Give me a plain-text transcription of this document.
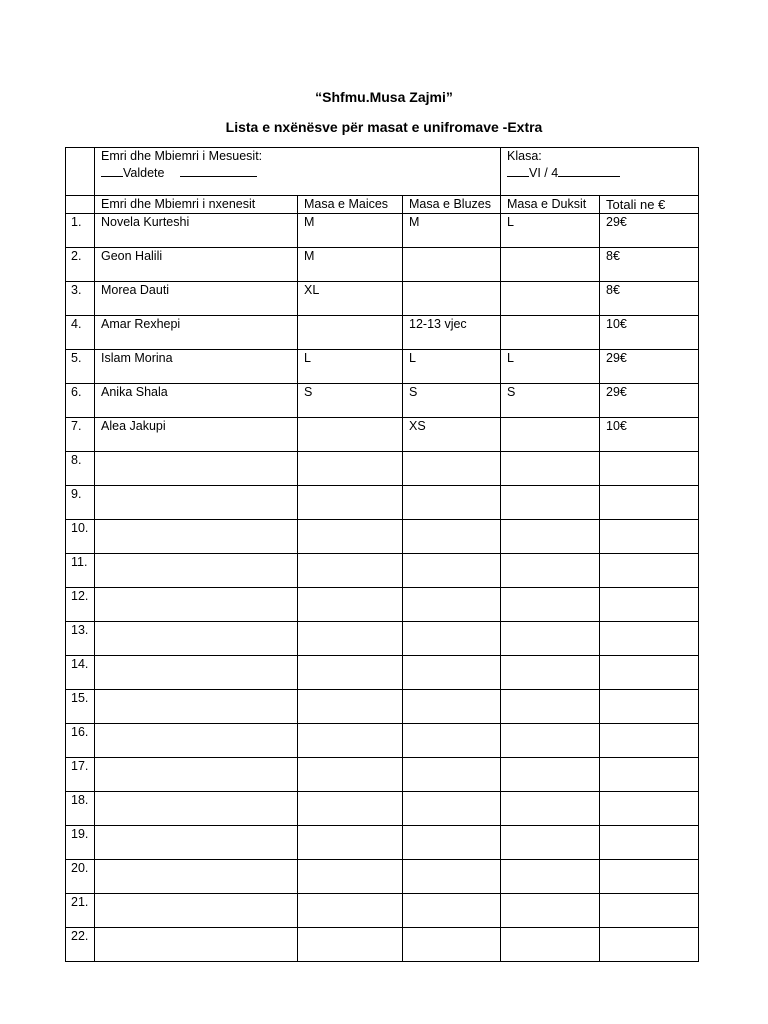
“Shfmu.Musa Zajmi”
Lista e nxënësve për masat e unifromave -Extra
	Emri dhe Mbiemri i Mesuesit:
Valdete			Klasa:
VI / 4	

	Emri dhe Mbiemri i nxenesit	Masa e Maices	Masa e Bluzes	Masa e Duksit	Totali ne €
1.	Novela Kurteshi	M	M	L	29€
2.	Geon Halili	M			8€
3.	Morea Dauti	XL			8€
4.	Amar Rexhepi		12-13 vjec		10€
5.	Islam Morina	L	L	L	29€
6.	Anika Shala	S	S	S	29€
7.	Alea Jakupi		XS		10€
8.					
9.					
10.					
11.					
12.					
13.					
14.					
15.					
16.					
17.					
18.					
19.					
20.					
21.					
22.					
